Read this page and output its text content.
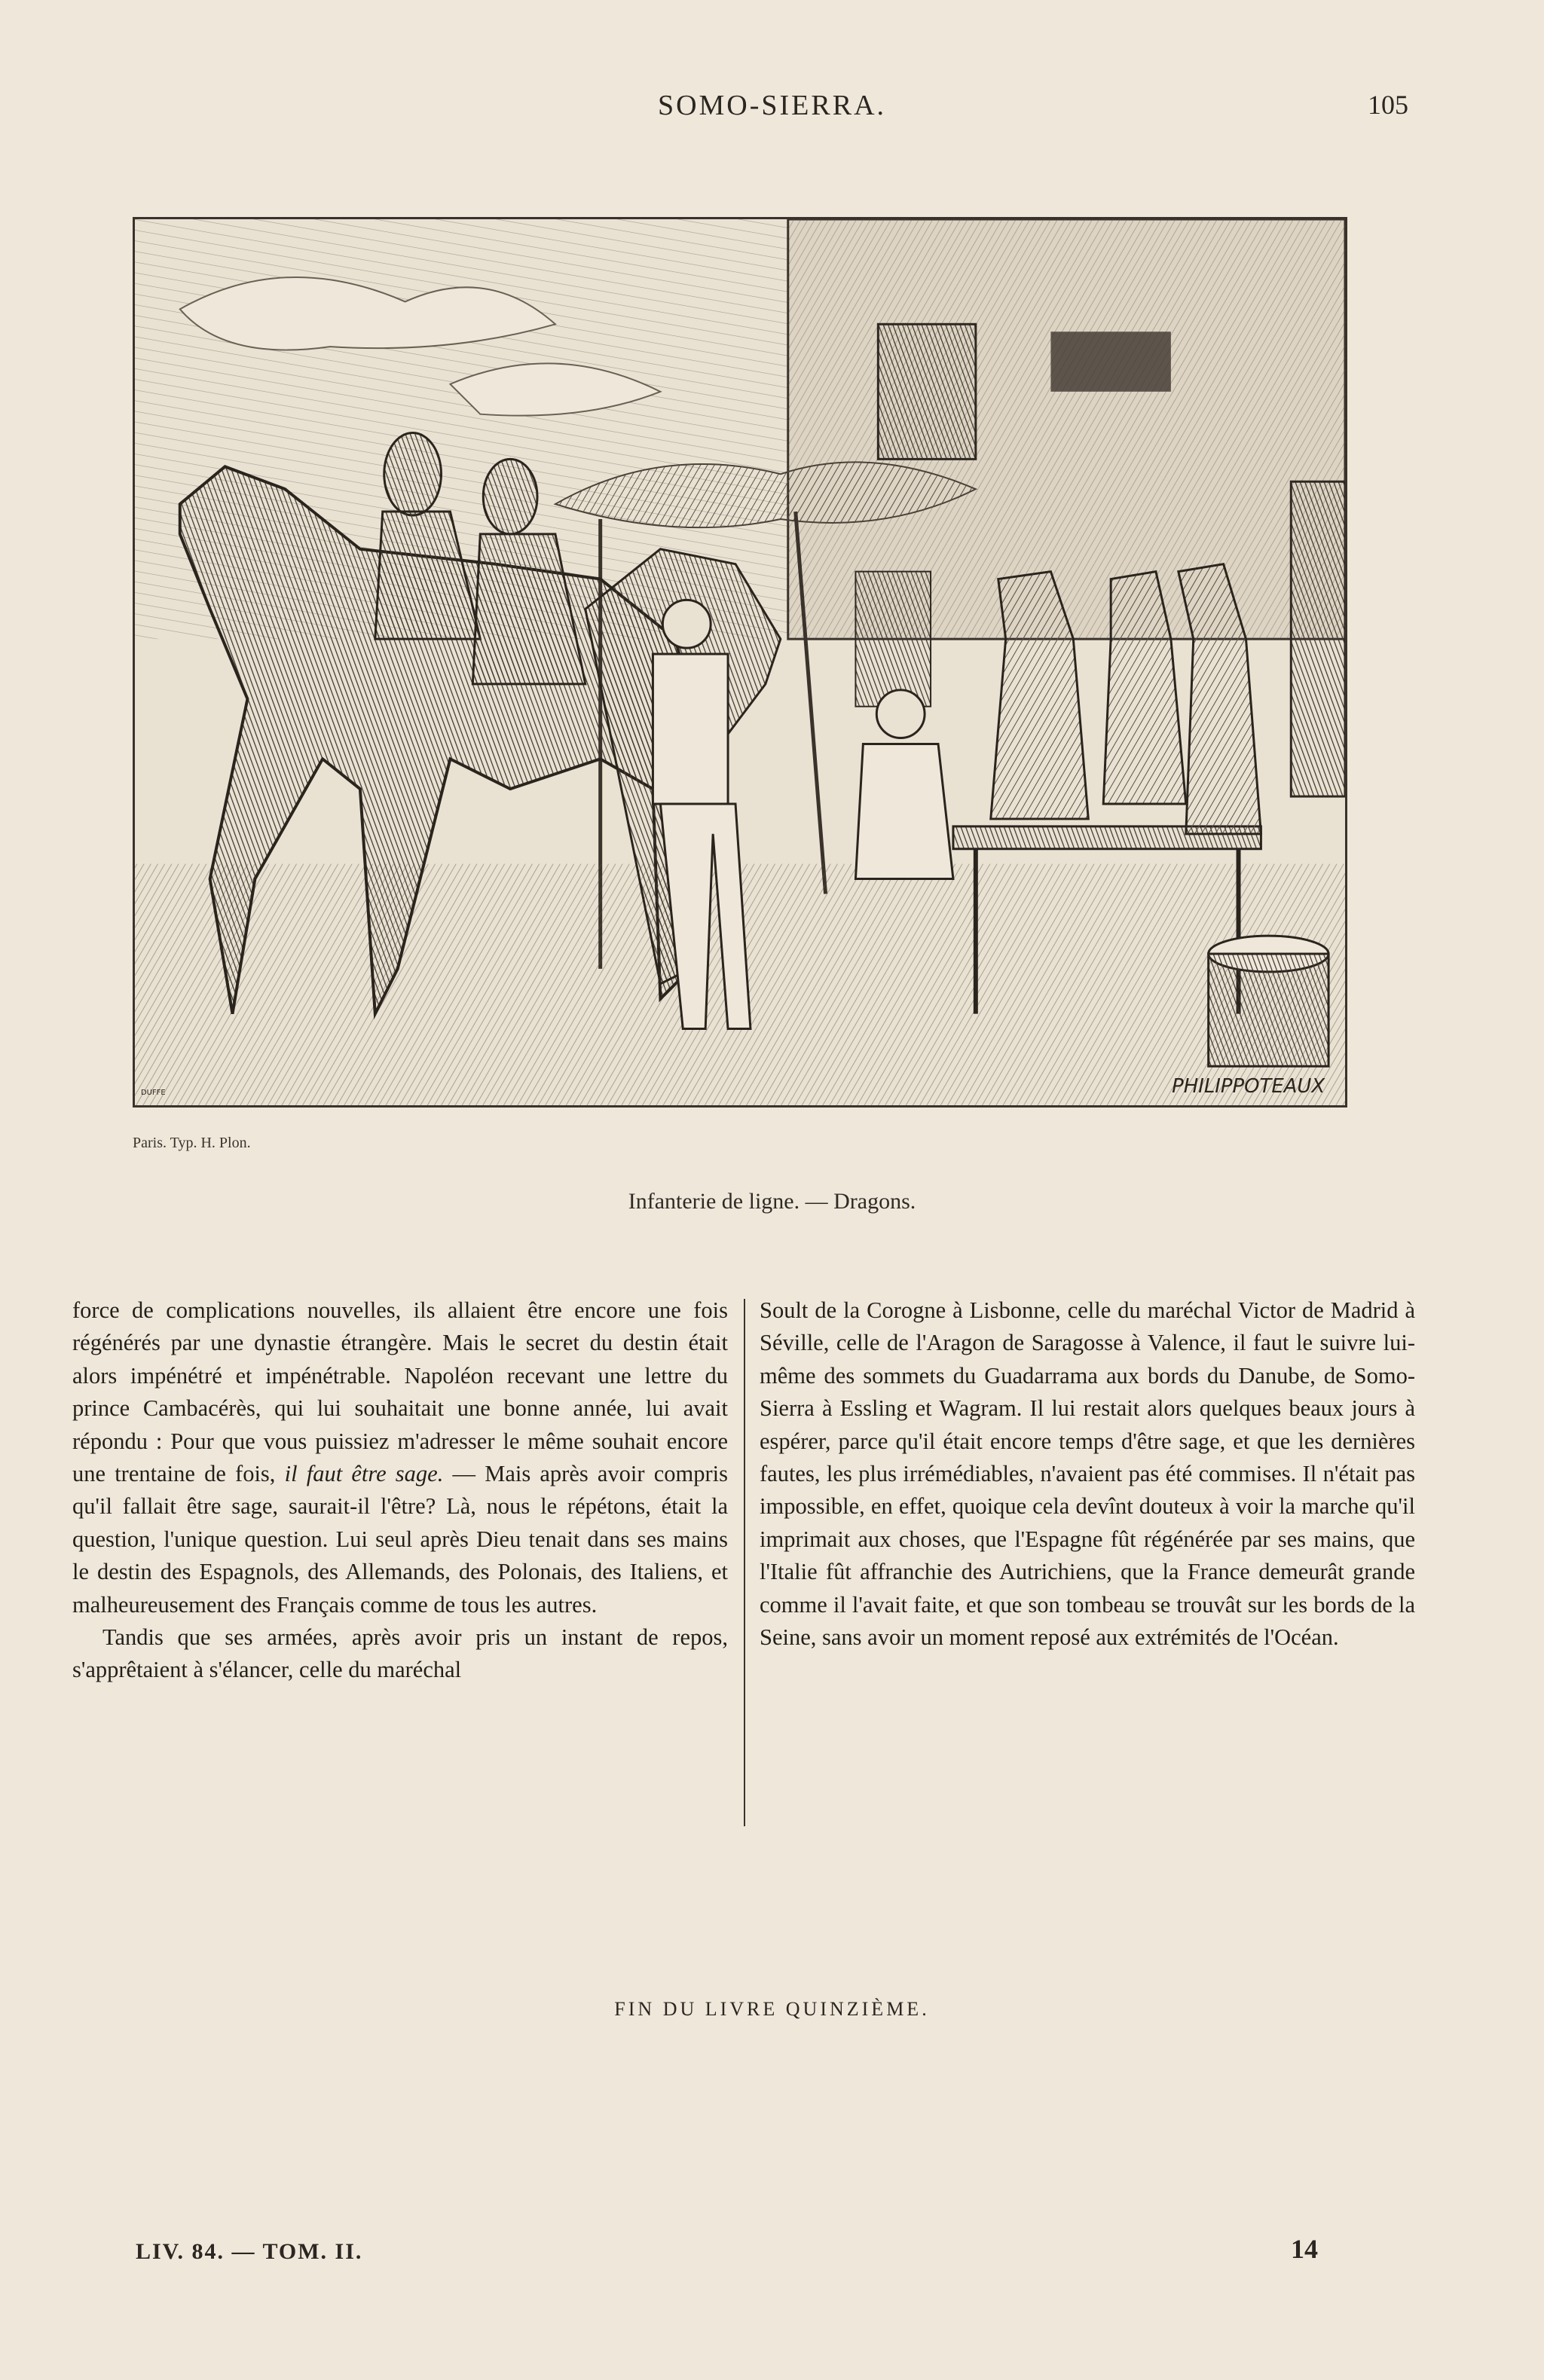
SOMO-SIERRA.	105
PHILIPPOTEAUX
DUFFE
Paris. Typ. H. Plon.
Infanterie de ligne. — Dragons.

force de complications nouvelles, ils allaient être encore une fois régénérés par une dynastie étrangère. Mais le secret du destin était alors impénétré et impénétrable. Napoléon recevant une lettre du prince Cambacérès, qui lui souhaitait une bonne année, lui avait répondu : Pour que vous puissiez m'adresser le même souhait encore une trentaine de fois, il faut être sage. — Mais après avoir compris qu'il fallait être sage, saurait-il l'être? Là, nous le répétons, était la question, l'unique question. Lui seul après Dieu tenait dans ses mains le destin des Espagnols, des Allemands, des Polonais, des Italiens, et malheureusement des Français comme de tous les autres.

Tandis que ses armées, après avoir pris un instant de repos, s'apprêtaient à s'élancer, celle du maréchal

Soult de la Corogne à Lisbonne, celle du maréchal Victor de Madrid à Séville, celle de l'Aragon de Saragosse à Valence, il faut le suivre lui-même des sommets du Guadarrama aux bords du Danube, de Somo-Sierra à Essling et Wagram. Il lui restait alors quelques beaux jours à espérer, parce qu'il était encore temps d'être sage, et que les dernières fautes, les plus irrémédiables, n'avaient pas été commises. Il n'était pas impossible, en effet, quoique cela devînt douteux à voir la marche qu'il imprimait aux choses, que l'Espagne fût régénérée par ses mains, que l'Italie fût affranchie des Autrichiens, que la France demeurât grande comme il l'avait faite, et que son tombeau se trouvât sur les bords de la Seine, sans avoir un moment reposé aux extrémités de l'Océan.

FIN DU LIVRE QUINZIÈME.
LIV. 84. — TOM. II.	14
